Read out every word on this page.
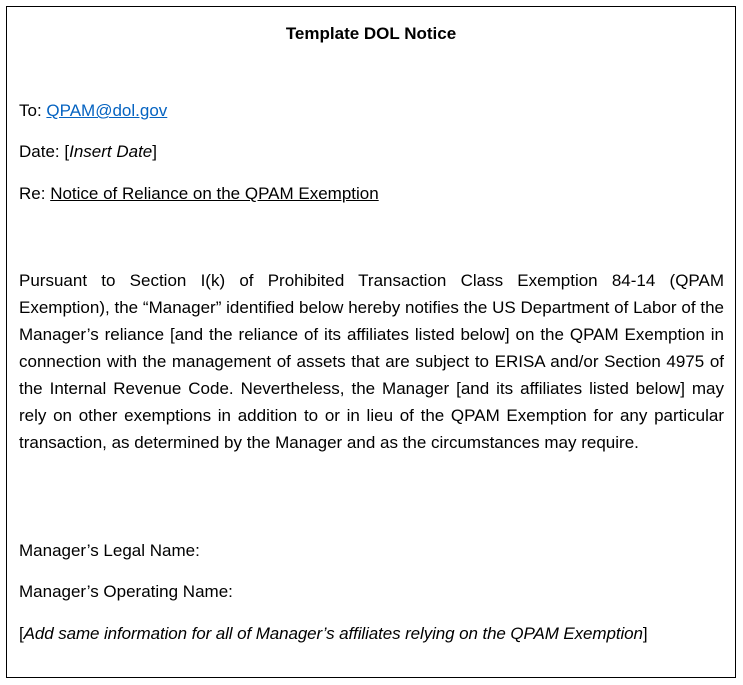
Template DOL Notice
To: QPAM@dol.gov
Date: [Insert Date]
Re: Notice of Reliance on the QPAM Exemption
Pursuant to Section I(k) of Prohibited Transaction Class Exemption 84-14 (QPAM Exemption), the “Manager” identified below hereby notifies the US Department of Labor of the Manager’s reliance [and the reliance of its affiliates listed below] on the QPAM Exemption in connection with the management of assets that are subject to ERISA and/or Section 4975 of the Internal Revenue Code. Nevertheless, the Manager [and its affiliates listed below] may rely on other exemptions in addition to or in lieu of the QPAM Exemption for any particular transaction, as determined by the Manager and as the circumstances may require.
Manager’s Legal Name:
Manager’s Operating Name:
[Add same information for all of Manager’s affiliates relying on the QPAM Exemption]
